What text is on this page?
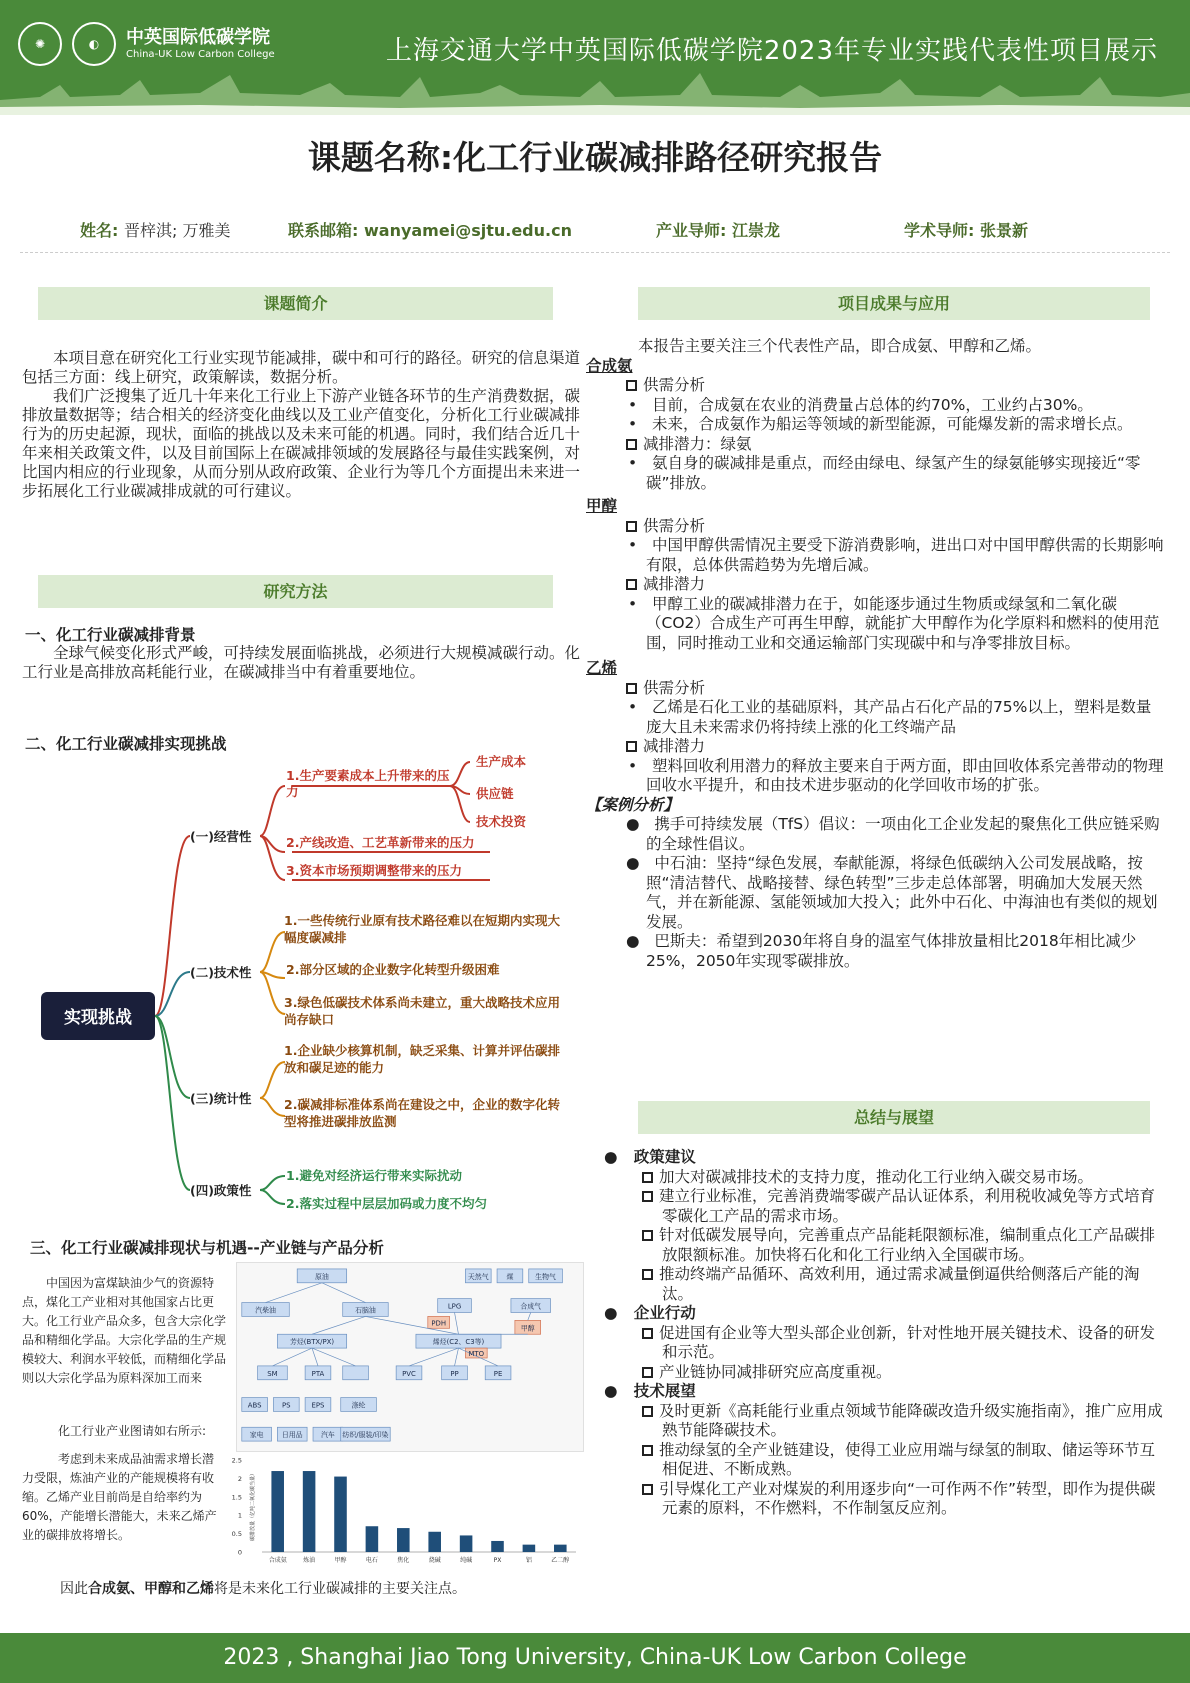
✺	◐	中英国际低碳学院
China-UK Low Carbon College	上海交通大学中英国际低碳学院2023年专业实践代表性项目展示
课题名称:化工行业碳减排路径研究报告
姓名: 晋梓淇; 万雅美	联系邮箱: wanyamei@sjtu.edu.cn	产业导师: 江崇龙	学术导师: 张景新
课题简介

本项目意在研究化工行业实现节能减排，碳中和可行的路径。研究的信息渠道包括三方面：线上研究，政策解读，数据分析。

我们广泛搜集了近几十年来化工行业上下游产业链各环节的生产消费数据，碳排放量数据等；结合相关的经济变化曲线以及工业产值变化，分析化工行业碳减排行为的历史起源，现状，面临的挑战以及未来可能的机遇。同时，我们结合近几十年来相关政策文件，以及目前国际上在碳减排领域的发展路径与最佳实践案例，对比国内相应的行业现象，从而分别从政府政策、企业行为等几个方面提出未来进一步拓展化工行业碳减排成就的可行建议。

研究方法
一、化工行业碳减排背景

全球气候变化形式严峻，可持续发展面临挑战，必须进行大规模减碳行动。化工行业是高排放高耗能行业，在碳减排当中有着重要地位。

二、化工行业碳减排实现挑战
实现挑战
(一)经营性
1.生产要素成本上升带来的压力
生产成本
供应链
技术投资
2.产线改造、工艺革新带来的压力
3.资本市场预期调整带来的压力
(二)技术性
1.一些传统行业原有技术路径难以在短期内实现大幅度碳减排
2.部分区域的企业数字化转型升级困难
3.绿色低碳技术体系尚未建立，重大战略技术应用尚存缺口
(三)统计性
1.企业缺少核算机制，缺乏采集、计算并评估碳排放和碳足迹的能力
2.碳减排标准体系尚在建设之中，企业的数字化转型将推进碳排放监测
(四)政策性
1.避免对经济运行带来实际扰动
2.落实过程中层层加码或力度不均匀
三、化工行业碳减排现状与机遇--产业链与产品分析
中国因为富煤缺油少气的资源特点，煤化工产业相对其他国家占比更大。化工行业产品众多，包含大宗化学品和精细化学品。大宗化学品的生产规模较大、利润水平较低，而精细化学品则以大宗化学品为原料深加工而来
化工行业产业图请如右所示:
考虑到未来成品油需求增长潜力受限，炼油产业的产能规模将有收缩。乙烯产业目前尚是自给率约为60%，产能增长潜能大，未来乙烯产业的碳排放将增长。
原油	天然气	煤	生物气
汽柴油	石脑油	LPG	合成气
芳烃(BTX/PX)	烯烃(C2、C3等)
甲醇
PDH
MTO
SM	PTA	PVC	PP	PE
ABS	PS	EPS	涤纶
家电	日用品	汽车 纺织/服装/印染
0
0.5
1
1.5
2
2.5
碳排放量（亿吨二氧化碳当量）
合成氨	炼油	甲醇	电石	焦化	烧碱	纯碱	PX	铝	乙二醇
因此合成氨、甲醇和乙烯将是未来化工行业碳减排的主要关注点。
项目成果与应用
本报告主要关注三个代表性产品，即合成氨、甲醇和乙烯。
合成氨
供需分析
•   目前，合成氨在农业的消费量占总体的约70%，工业约占30%。
•   未来，合成氨作为船运等领域的新型能源，可能爆发新的需求增长点。
减排潜力：绿氨
•   氨自身的碳减排是重点，而经由绿电、绿氢产生的绿氨能够实现接近“零碳”排放。
甲醇
供需分析
•   中国甲醇供需情况主要受下游消费影响，进出口对中国甲醇供需的长期影响有限，总体供需趋势为先增后减。
减排潜力
•   甲醇工业的碳减排潜力在于，如能逐步通过生物质或绿氢和二氧化碳（CO2）合成生产可再生甲醇，就能扩大甲醇作为化学原料和燃料的使用范围，同时推动工业和交通运输部门实现碳中和与净零排放目标。
乙烯
供需分析
•   乙烯是石化工业的基础原料，其产品占石化产品的75%以上，塑料是数量庞大且未来需求仍将持续上涨的化工终端产品
减排潜力
•   塑料回收利用潜力的释放主要来自于两方面，即由回收体系完善带动的物理回收水平提升，和由技术进步驱动的化学回收市场的扩张。
【案例分析】
●   携手可持续发展（TfS）倡议：一项由化工企业发起的聚焦化工供应链采购的全球性倡议。
●   中石油：坚持“绿色发展，奉献能源，将绿色低碳纳入公司发展战略，按照“清洁替代、战略接替、绿色转型”三步走总体部署，明确加大发展天然气，并在新能源、氢能领域加大投入；此外中石化、中海油也有类似的规划发展。
●   巴斯夫：希望到2030年将自身的温室气体排放量相比2018年相比减少25%，2050年实现零碳排放。
总结与展望
●   政策建议
加大对碳减排技术的支持力度，推动化工行业纳入碳交易市场。
建立行业标准，完善消费端零碳产品认证体系，利用税收减免等方式培育零碳化工产品的需求市场。
针对低碳发展导向，完善重点产品能耗限额标准，编制重点化工产品碳排放限额标准。加快将石化和化工行业纳入全国碳市场。
推动终端产品循环、高效利用，通过需求减量倒逼供给侧落后产能的淘汰。
●   企业行动
促进国有企业等大型头部企业创新，针对性地开展关键技术、设备的研发和示范。
产业链协同减排研究应高度重视。
●   技术展望
及时更新《高耗能行业重点领域节能降碳改造升级实施指南》，推广应用成熟节能降碳技术。
推动绿氢的全产业链建设，使得工业应用端与绿氢的制取、储运等环节互相促进、不断成熟。
引导煤化工产业对煤炭的利用逐步向“一可作两不作”转型，即作为提供碳元素的原料，不作燃料，不作制氢反应剂。
2023 , Shanghai Jiao Tong University, China-UK Low Carbon College
